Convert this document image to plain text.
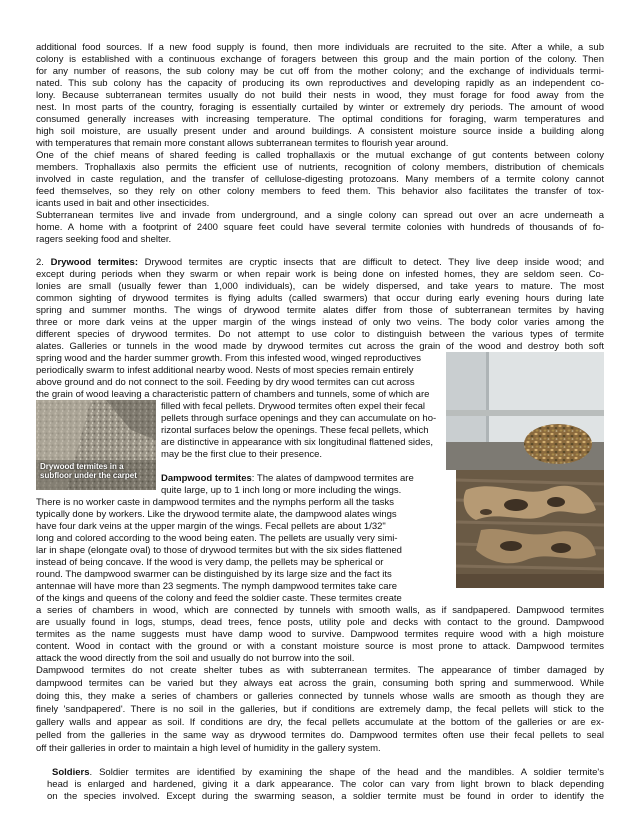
additional food sources. If a new food supply is found, then more individuals are recruited to the site. After a while, a sub
colony is established with a continuous exchange of foragers between this group and the main portion of the colony. Then
for any number of reasons, the sub colony may be cut off from the mother colony; and the exchange of individuals termi-
nated. This sub colony has the capacity of producing its own reproductives and developing rapidly as an independent co-
lony. Because subterranean termites usually do not build their nests in wood, they must forage for food away from the
nest. In most parts of the country, foraging is essentially curtailed by winter or extremely dry periods. The amount of wood
consumed generally increases with increasing temperature. The optimal conditions for foraging, warm temperatures and
high soil moisture, are usually present under and around buildings. A consistent moisture source inside a building along
with temperatures that remain more constant allows subterranean termites to flourish year around.
One of the chief means of shared feeding is called trophallaxis or the mutual exchange of gut contents between colony
members. Trophallaxis also permits the efficient use of nutrients, recognition of colony members, distribution of chemicals
involved in caste regulation, and the transfer of cellulose-digesting protozoans. Many members of a termite colony cannot
feed themselves, so they rely on other colony members to feed them. This behavior also facilitates the transfer of tox-
icants used in bait and other insecticides.
Subterranean termites live and invade from underground, and a single colony can spread out over an acre underneath a
home. A home with a footprint of 2400 square feet could have several termite colonies with hundreds of thousands of fo-
ragers seeking food and shelter.
2. Drywood termites: Drywood termites are cryptic insects that are difficult to detect. They live deep inside wood; and
except during periods when they swarm or when repair work is being done on infested homes, they are seldom seen. Co-
lonies are small (usually fewer than 1,000 individuals), can be widely dispersed, and take years to mature. The most
common sighting of drywood termites is flying adults (called swarmers) that occur during early evening hours during late
spring and summer months. The wings of drywood termite alates differ from those of subterranean termites by having
three or more dark veins at the upper margin of the wings instead of only two veins. The body color varies among the
different species of drywood termites. Do not attempt to use color to distinguish between the various types of termite
alates. Galleries or tunnels in the wood made by drywood termites cut across the grain of the wood and destroy both soft
spring wood and the harder summer growth. From this infested wood, winged reproductives
periodically swarm to infest additional nearby wood. Nests of most species remain entirely
above ground and do not connect to the soil. Feeding by dry wood termites can cut across
the grain of wood leaving a characteristic pattern of chambers and tunnels, some of which are
filled with fecal pellets. Drywood termites often expel their fecal
pellets through surface openings and they can accumulate on ho-
rizontal surfaces below the openings. These fecal pellets, which
are distinctive in appearance with six longitudinal flattened sides,
may be the first clue to their presence.
Dampwood termites: The alates of dampwood termites are
quite large, up to 1 inch long or more including the wings.
There is no worker caste in dampwood termites and the nymphs perform all the tasks
typically done by workers. Like the drywood termite alate, the dampwood alates wings
have four dark veins at the upper margin of the wings. Fecal pellets are about 1/32"
long and colored according to the wood being eaten. The pellets are usually very simi-
lar in shape (elongate oval) to those of drywood termites but with the six sides flattened
instead of being concave. If the wood is very damp, the pellets may be spherical or
round. The dampwood swarmer can be distinguished by its large size and the fact its
antennae will have more than 23 segments. The nymph dampwood termites take care
of the kings and queens of the colony and feed the soldier caste. These termites create
a series of chambers in wood, which are connected by tunnels with smooth walls, as if sandpapered. Dampwood termites
are usually found in logs, stumps, dead trees, fence posts, utility pole and decks with contact to the ground. Dampwood
termites as the name suggests must have damp wood to survive. Dampwood termites require wood with a high moisture
content. Wood in contact with the ground or with a constant moisture source is most prone to attack. Dampwood termites
attack the wood directly from the soil and usually do not burrow into the soil.
Dampwood termites do not create shelter tubes as with subterranean termites. The appearance of timber damaged by
dampwood termites can be varied but they always eat across the grain, consuming both spring and summerwood. While
doing this, they make a series of chambers or galleries connected by tunnels whose walls are smooth as though they are
finely 'sandpapered'. There is no soil in the galleries, but if conditions are extremely damp, the fecal pellets will stick to the
gallery walls and appear as soil. If conditions are dry, the fecal pellets accumulate at the bottom of the galleries or are ex-
pelled from the galleries in the same way as drywood termites do. Dampwood termites often use their fecal pellets to seal
off their galleries in order to maintain a high level of humidity in the gallery system.
Soldiers. Soldier termites are identified by examining the shape of the head and the mandibles. A soldier termite's
head is enlarged and hardened, giving it a dark appearance. The color can vary from light brown to black depending
on the species involved. Except during the swarming season, a soldier termite must be found in order to identify the
Drywood termites in a
subfloor under the carpet
